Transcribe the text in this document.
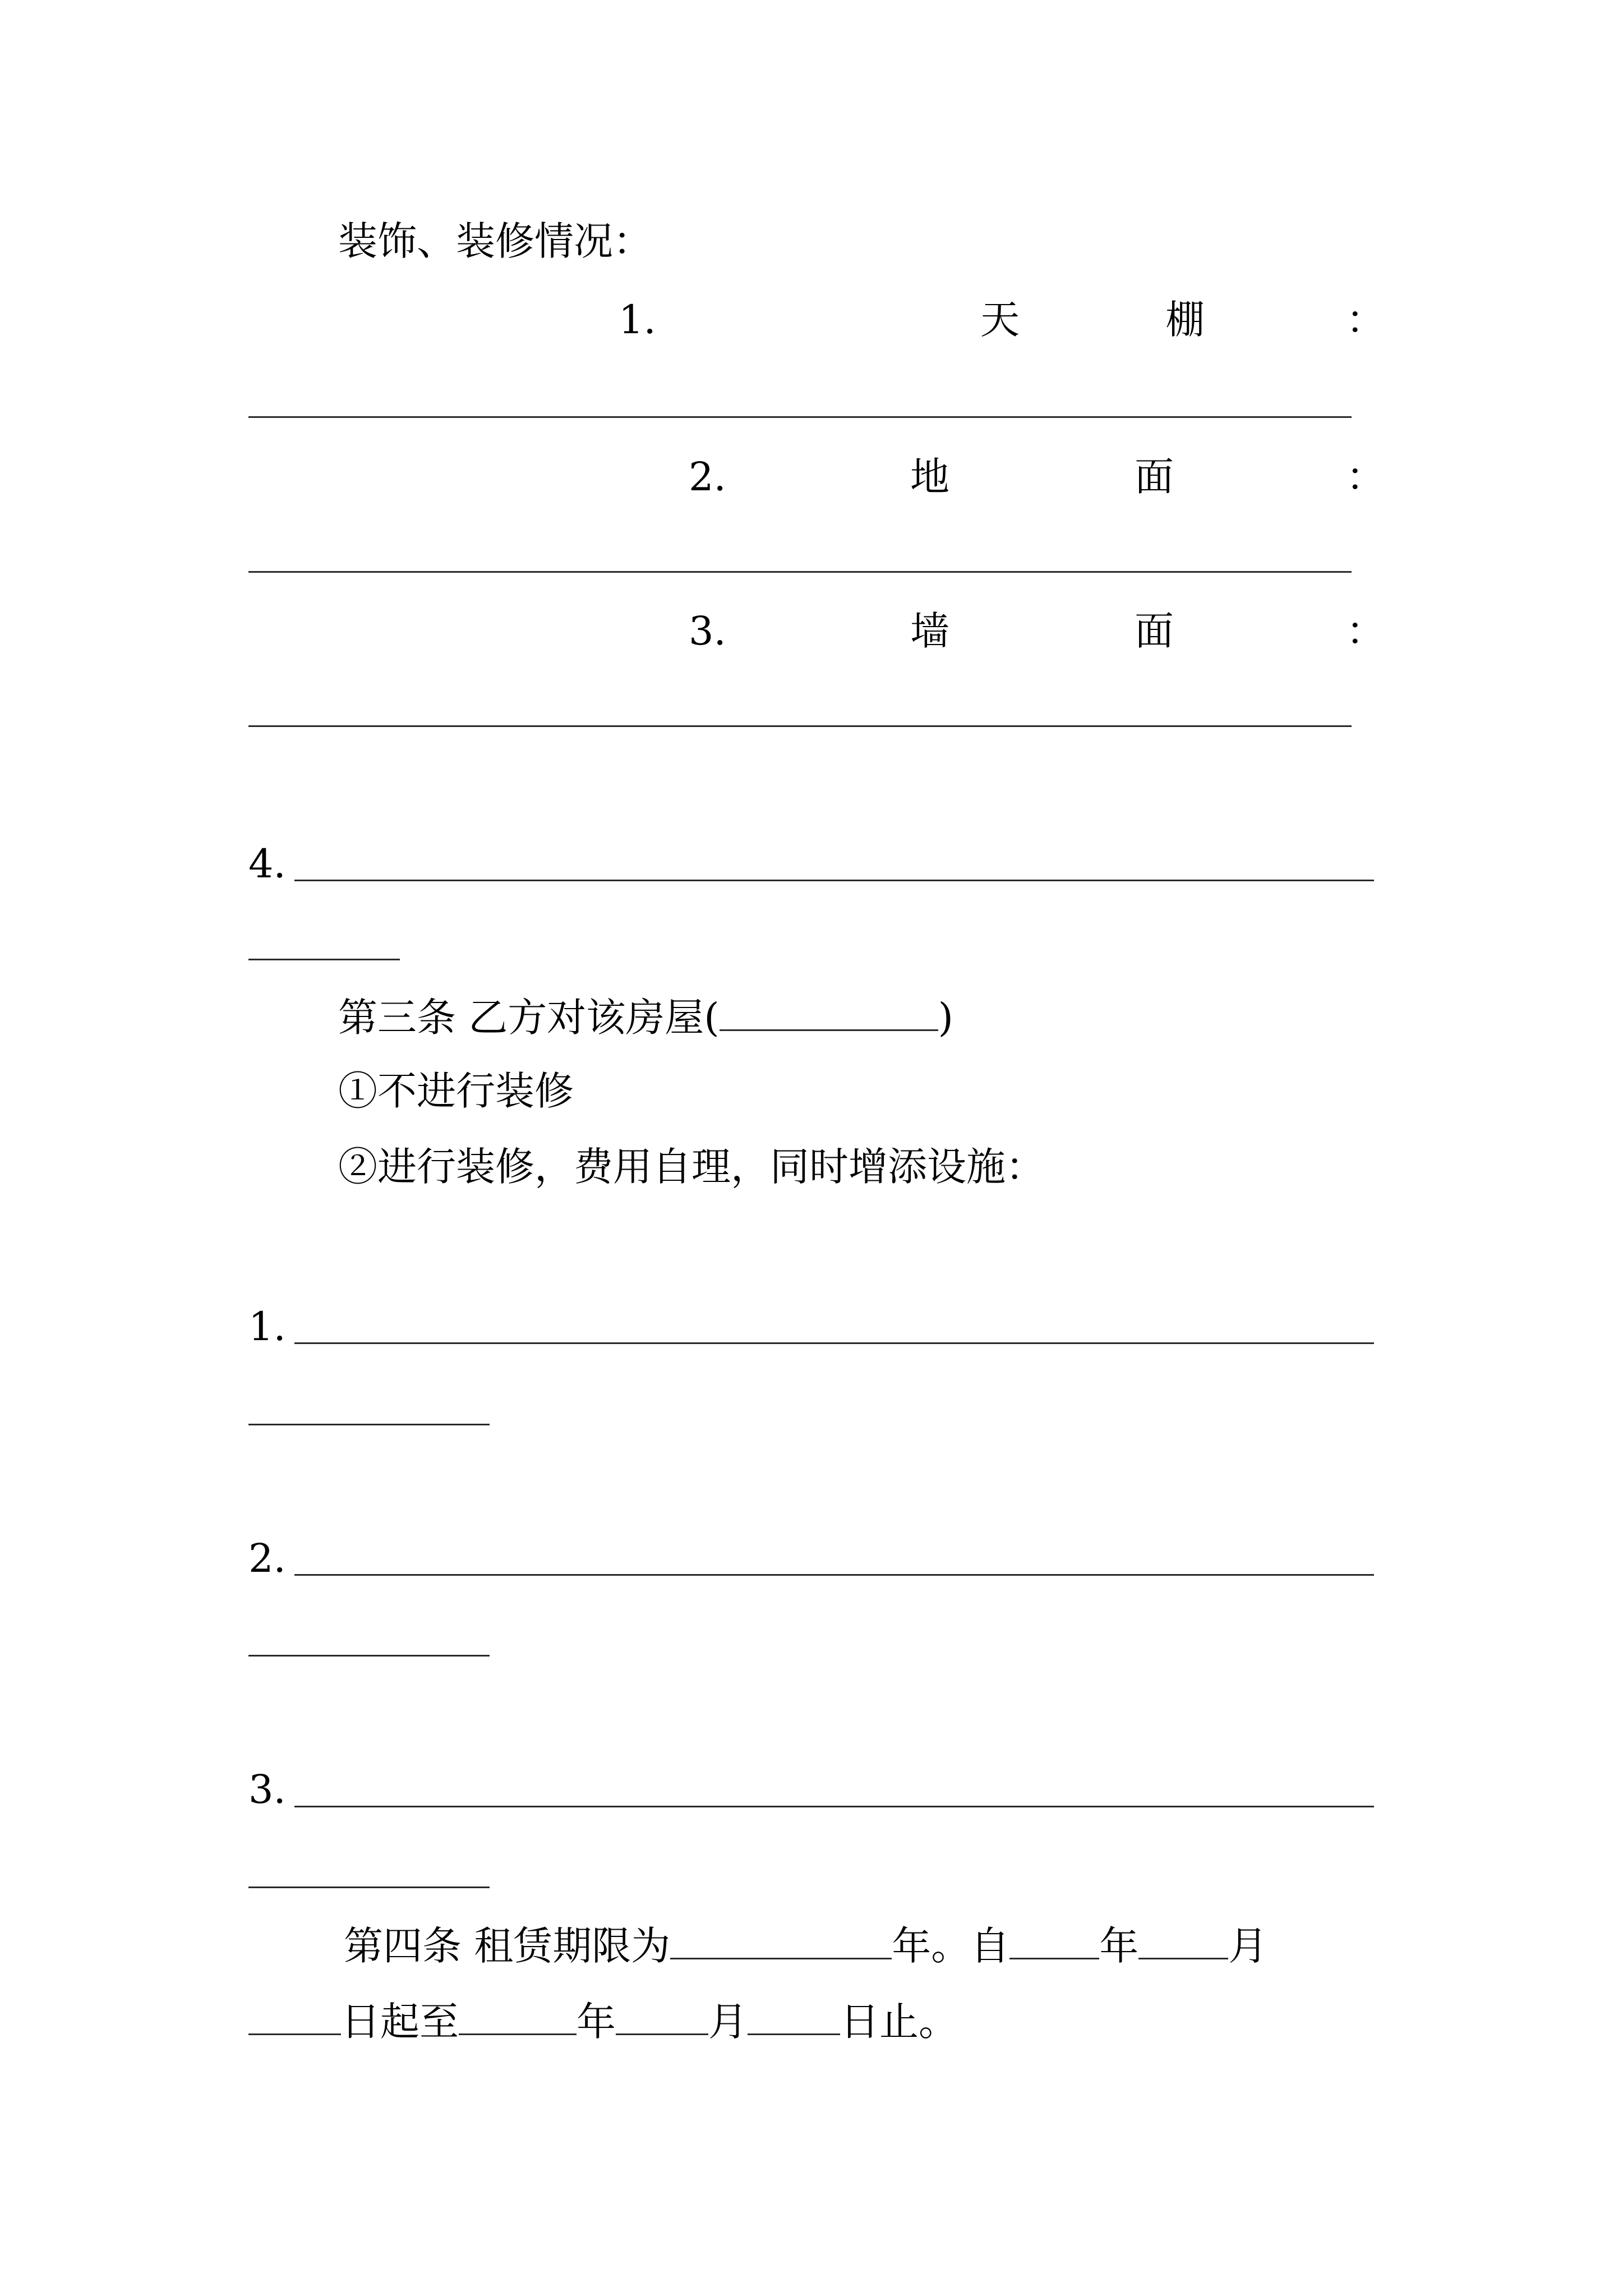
装饰、装修情况：
1.	天	棚	：
2.	地	面	：
3.	墙	面	：
4.
第三条 乙方对该房屋(	)
①不进行装修
②进行装修，费用自理，同时增添设施：
1.
2.
3.
第四条 租赁期限为	年。自 年 月
日起至	年 月 日止。
